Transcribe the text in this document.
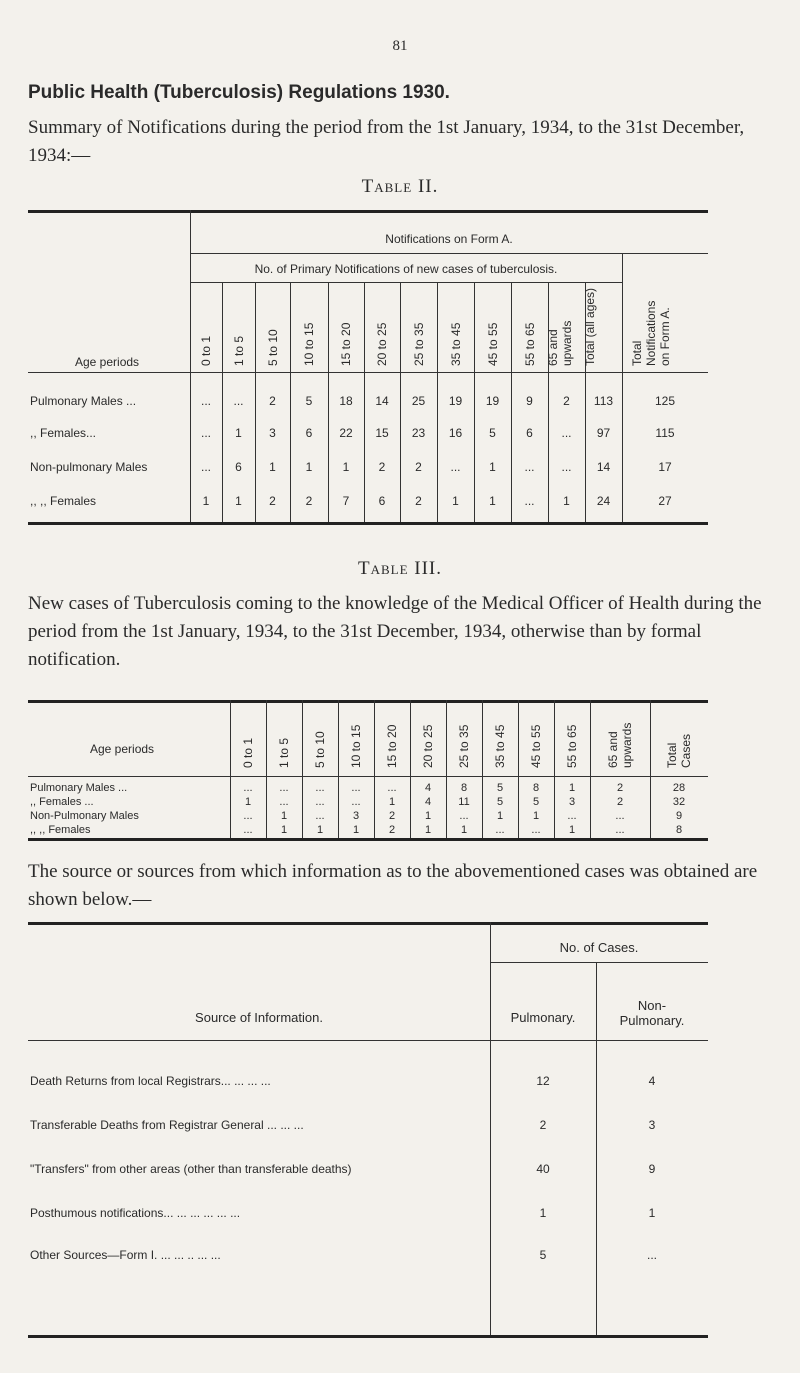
81
Public Health (Tuberculosis) Regulations 1930.
Summary of Notifications during the period from the 1st January, 1934, to the 31st December, 1934:—
Table II.
Table III.
New cases of Tuberculosis coming to the knowledge of the Medical Officer of Health during the period from the 1st January, 1934, to the 31st December, 1934, otherwise than by formal notification.
The source or sources from which information as to the abovementioned cases was obtained are shown below.—
Notifications on Form A.
No. of Primary Notifications of new cases of tuberculosis.
Age periods	0 to 1 1 to 5 5 to 10 10 to 15 15 to 20 20 to 25 25 to 35 35 to 45 45 to 55 55 to 65 65 and upwards Total (all ages)	Total Notifications on Form A.
Pulmonary Males ...	...	...	2	5	18	14	25	19	19	9	2	113	125
,, Females...	...	1	3	6	22	15	23	16	5	6	...	97	115
Non-pulmonary Males	...	6	1	1	1	2	2	...	1	...	...	14	17
,, ,, Females	1	1	2	2	7	6	2	1	1	...	1	24	27
Age periods	0 to 1 1 to 5 5 to 10 10 to 15 15 to 20 20 to 25 25 to 35 35 to 45 45 to 55 55 to 65 65 and upwards	Total Cases
Pulmonary Males ...	...	...	...	...	...	4	8	5	8	1	2	28
,, Females ...	1	...	...	...	1	4	11	5	5	3	2	32
Non-Pulmonary Males	...	1	...	3	2	1	...	1	1	...	...	9
,, ,, Females	...	1	1	1	2	1	1	...	...	1	...	8
Source of Information.
No. of Cases.
Pulmonary.
Non-Pulmonary.
Death Returns from local Registrars... ... ... ...	12	4
Transferable Deaths from Registrar General ... ... ...	2	3
"Transfers" from other areas (other than transferable deaths)	40	9
Posthumous notifications... ... ... ... ... ...	1	1
Other Sources—Form I. ... ... .. ... ...	5	...
